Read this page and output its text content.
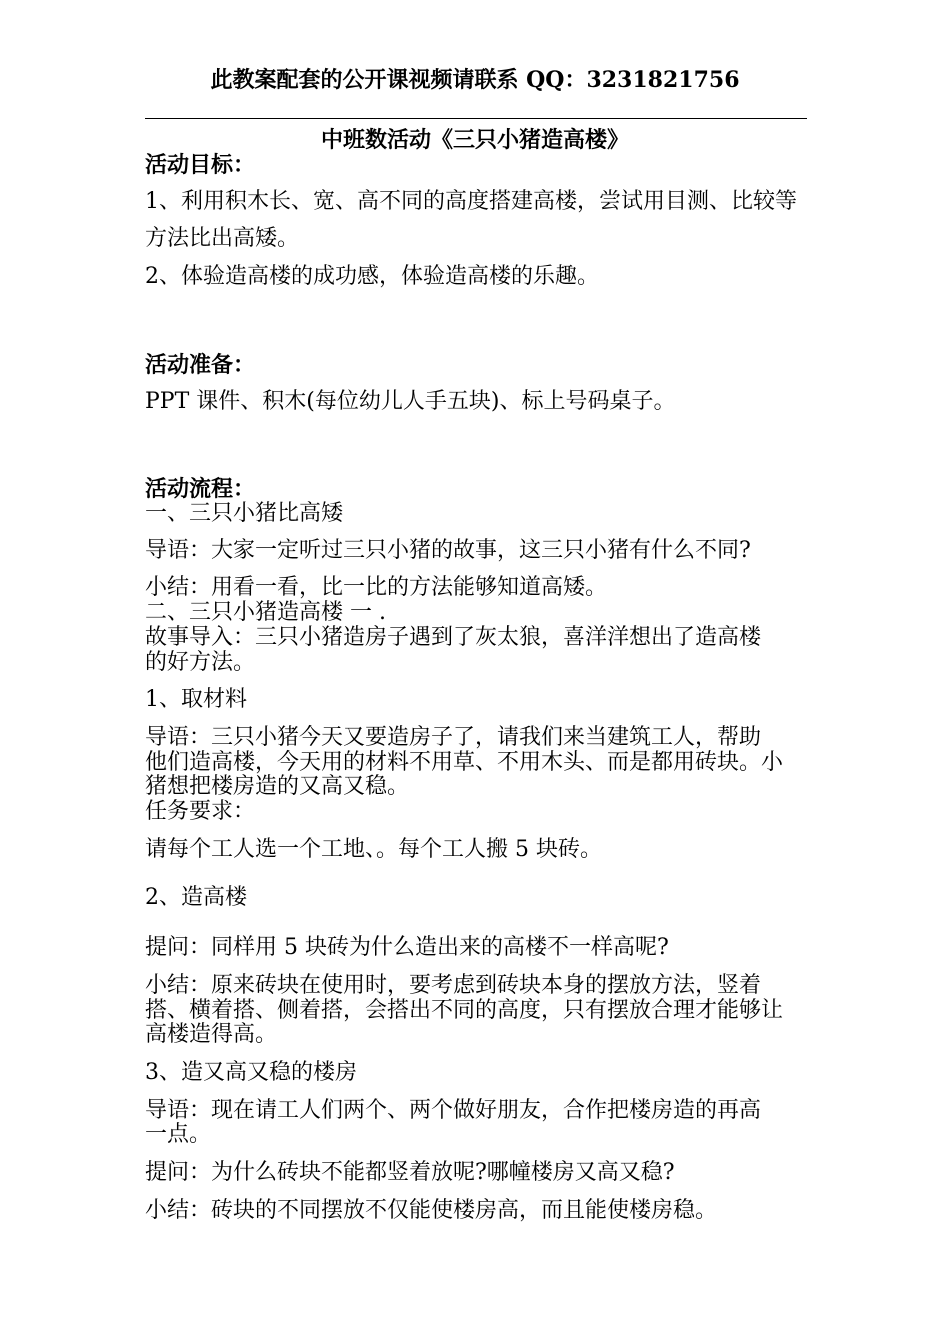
此教案配套的公开课视频请联系 QQ：3231821756
中班数活动《三只小猪造高楼》
活动目标：
1、利用积木长、宽、高不同的高度搭建高楼，尝试用目测、比较等
方法比出高矮。
2、体验造高楼的成功感，体验造高楼的乐趣。
活动准备：
PPT 课件、积木(每位幼儿人手五块)、标上号码桌子。
活动流程：
一、三只小猪比高矮
导语：大家一定听过三只小猪的故事，这三只小猪有什么不同?
小结：用看一看，比一比的方法能够知道高矮。
二、三只小猪造高楼 一 .
故事导入：三只小猪造房子遇到了灰太狼，喜洋洋想出了造高楼
的好方法。
1、取材料
导语：三只小猪今天又要造房子了，请我们来当建筑工人，帮助
他们造高楼，今天用的材料不用草、不用木头、而是都用砖块。小
猪想把楼房造的又高又稳。
任务要求：
请每个工人选一个工地、。每个工人搬 5 块砖。
2、造高楼
提问：同样用 5 块砖为什么造出来的高楼不一样高呢?
小结：原来砖块在使用时，要考虑到砖块本身的摆放方法，竖着
搭、横着搭、侧着搭，会搭出不同的高度，只有摆放合理才能够让
高楼造得高。
3、造又高又稳的楼房
导语：现在请工人们两个、两个做好朋友，合作把楼房造的再高
一点。
提问：为什么砖块不能都竖着放呢?哪幢楼房又高又稳?
小结：砖块的不同摆放不仅能使楼房高，而且能使楼房稳。
